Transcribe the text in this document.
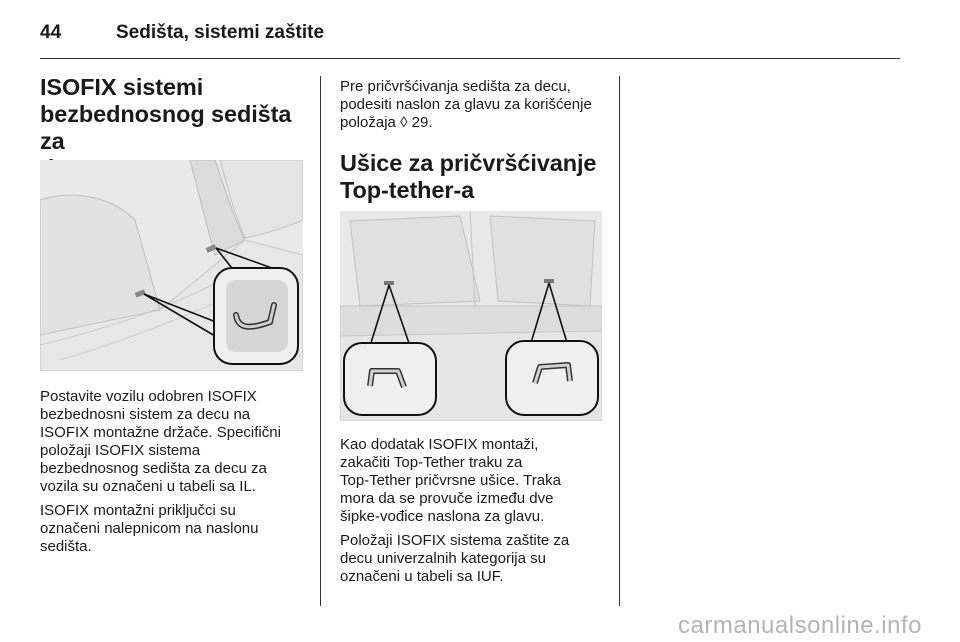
44	Sedišta, sistemi zaštite
ISOFIX sistemi
bezbednosnog sedišta za

Postavite vozilu odobren ISOFIX
bezbednosni sistem za decu na
ISOFIX montažne držače. Specifični
položaji ISOFIX sistema
bezbednosnog sedišta za decu za
vozila su označeni u tabeli sa IL.

ISOFIX montažni priključci su
označeni nalepnicom na naslonu
sedišta.

Pre pričvršćivanja sedišta za decu,
podesiti naslon za glavu za korišćenje
položaja ◊ 29.

Ušice za pričvršćivanje
Top-tether-a

Kao dodatak ISOFIX montaži,
zakačiti Top-Tether traku za
Top-Tether pričvrsne ušice. Traka
mora da se provuče između dve
šipke-vođice naslona za glavu.

Položaji ISOFIX sistema zaštite za
decu univerzalnih kategorija su
označeni u tabeli sa IUF.

carmanualsonline.info
